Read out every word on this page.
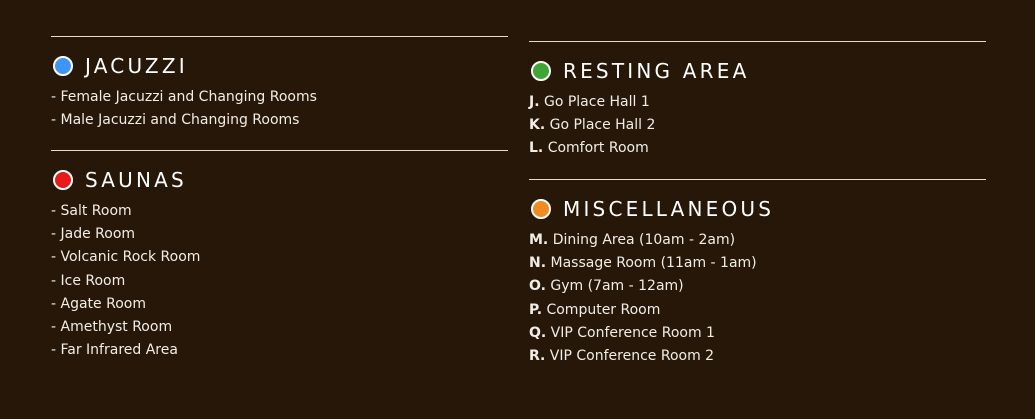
JACUZZI
- Female Jacuzzi and Changing Rooms
- Male Jacuzzi and Changing Rooms
SAUNAS
- Salt Room
- Jade Room
- Volcanic Rock Room
- Ice Room
- Agate Room
- Amethyst Room
- Far Infrared Area
RESTING AREA
J. Go Place Hall 1
K. Go Place Hall 2
L. Comfort Room
MISCELLANEOUS
M. Dining Area (10am - 2am)
N. Massage Room (11am - 1am)
O. Gym (7am - 12am)
P. Computer Room
Q. VIP Conference Room 1
R. VIP Conference Room 2
